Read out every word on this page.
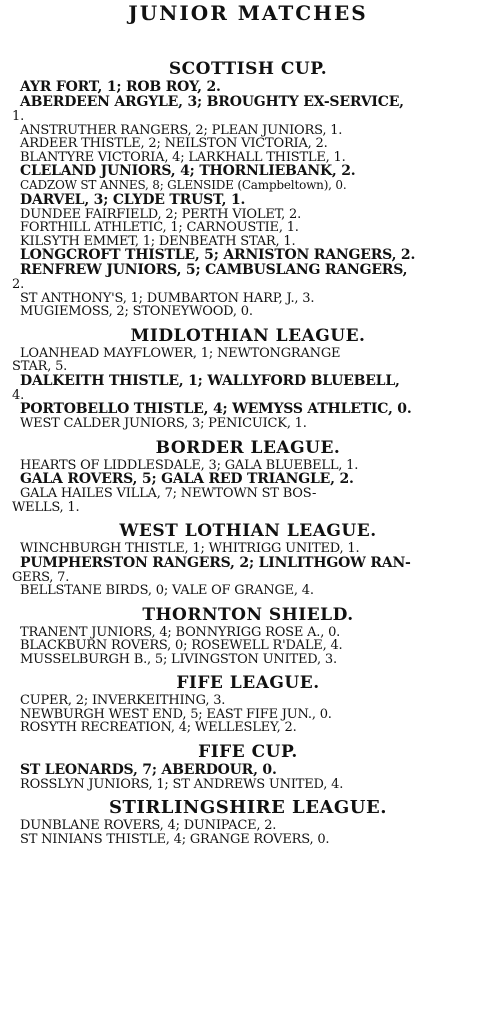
JUNIOR MATCHES
SCOTTISH CUP.
AYR FORT, 1; ROB ROY, 2.
ABERDEEN ARGYLE, 3; BROUGHTY EX-SERVICE,
1.
ANSTRUTHER RANGERS, 2; PLEAN JUNIORS, 1.
ARDEER THISTLE, 2; NEILSTON VICTORIA, 2.
BLANTYRE VICTORIA, 4; LARKHALL THISTLE, 1.
CLELAND JUNIORS, 4; THORNLIEBANK, 2.
CADZOW ST ANNES, 8; GLENSIDE (Campbeltown), 0.
DARVEL, 3; CLYDE TRUST, 1.
DUNDEE FAIRFIELD, 2; PERTH VIOLET, 2.
FORTHILL ATHLETIC, 1; CARNOUSTIE, 1.
KILSYTH EMMET, 1; DENBEATH STAR, 1.
LONGCROFT THISTLE, 5; ARNISTON RANGERS, 2.
RENFREW JUNIORS, 5; CAMBUSLANG RANGERS,
2.
ST ANTHONY'S, 1; DUMBARTON HARP, J., 3.
MUGIEMOSS, 2; STONEYWOOD, 0.
MIDLOTHIAN LEAGUE.
LOANHEAD MAYFLOWER, 1; NEWTONGRANGE
STAR, 5.
DALKEITH THISTLE, 1; WALLYFORD BLUEBELL,
4.
PORTOBELLO THISTLE, 4; WEMYSS ATHLETIC, 0.
WEST CALDER JUNIORS, 3; PENICUICK, 1.
BORDER LEAGUE.
HEARTS OF LIDDLESDALE, 3; GALA BLUEBELL, 1.
GALA ROVERS, 5; GALA RED TRIANGLE, 2.
GALA HAILES VILLA, 7; NEWTOWN ST BOS-
WELLS, 1.
WEST LOTHIAN LEAGUE.
WINCHBURGH THISTLE, 1; WHITRIGG UNITED, 1.
PUMPHERSTON RANGERS, 2; LINLITHGOW RAN-
GERS, 7.
BELLSTANE BIRDS, 0; VALE OF GRANGE, 4.
THORNTON SHIELD.
TRANENT JUNIORS, 4; BONNYRIGG ROSE A., 0.
BLACKBURN ROVERS, 0; ROSEWELL R'DALE, 4.
MUSSELBURGH B., 5; LIVINGSTON UNITED, 3.
FIFE LEAGUE.
CUPER, 2; INVERKEITHING, 3.
NEWBURGH WEST END, 5; EAST FIFE JUN., 0.
ROSYTH RECREATION, 4; WELLESLEY, 2.
FIFE CUP.
ST LEONARDS, 7; ABERDOUR, 0.
ROSSLYN JUNIORS, 1; ST ANDREWS UNITED, 4.
STIRLINGSHIRE LEAGUE.
DUNBLANE ROVERS, 4; DUNIPACE, 2.
ST NINIANS THISTLE, 4; GRANGE ROVERS, 0.
